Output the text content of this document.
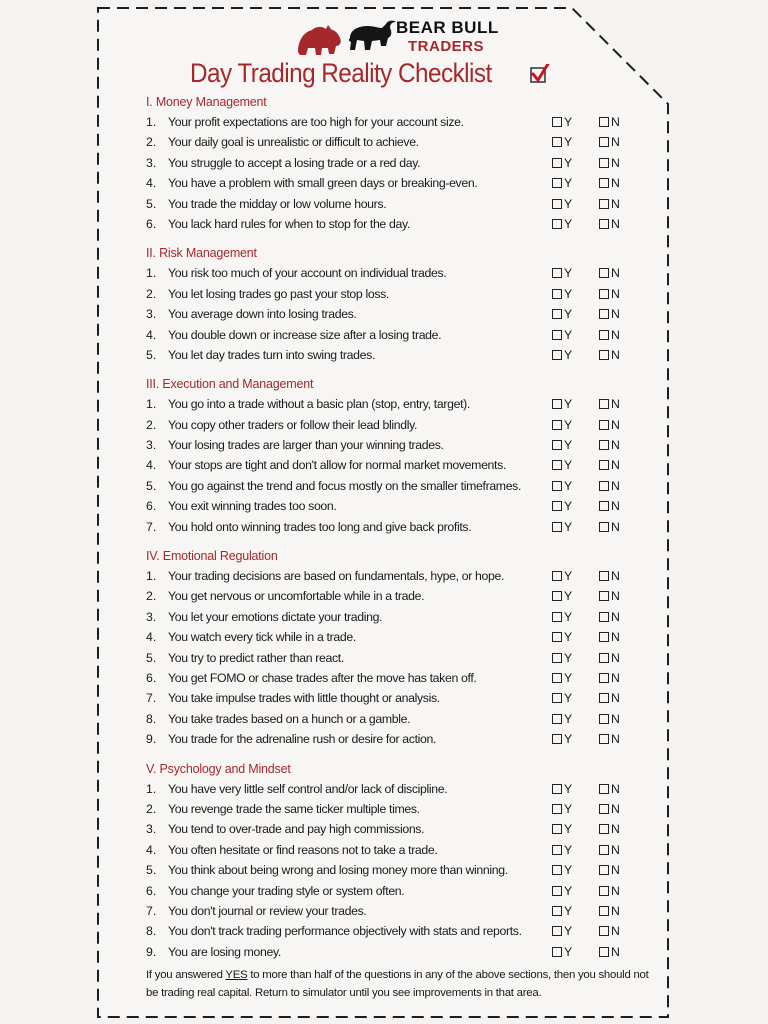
BEAR BULL
TRADERS
Day Trading Reality Checklist
I. Money Management
1. Your profit expectations are too high for your account size.	Y	N
2. Your daily goal is unrealistic or difficult to achieve.	Y	N
3. You struggle to accept a losing trade or a red day.	Y	N
4. You have a problem with small green days or breaking-even.	Y	N
5. You trade the midday or low volume hours.	Y	N
6. You lack hard rules for when to stop for the day.	Y	N
II. Risk Management
1. You risk too much of your account on individual trades.	Y	N
2. You let losing trades go past your stop loss.	Y	N
3. You average down into losing trades.	Y	N
4. You double down or increase size after a losing trade.	Y	N
5. You let day trades turn into swing trades.	Y	N
III. Execution and Management
1. You go into a trade without a basic plan (stop, entry, target).	Y	N
2. You copy other traders or follow their lead blindly.	Y	N
3. Your losing trades are larger than your winning trades.	Y	N
4. Your stops are tight and don't allow for normal market movements.	Y	N
5. You go against the trend and focus mostly on the smaller timeframes.	Y	N
6. You exit winning trades too soon.	Y	N
7. You hold onto winning trades too long and give back profits.	Y	N
IV. Emotional Regulation
1. Your trading decisions are based on fundamentals, hype, or hope.	Y	N
2. You get nervous or uncomfortable while in a trade.	Y	N
3. You let your emotions dictate your trading.	Y	N
4. You watch every tick while in a trade.	Y	N
5. You try to predict rather than react.	Y	N
6. You get FOMO or chase trades after the move has taken off.	Y	N
7. You take impulse trades with little thought or analysis.	Y	N
8. You take trades based on a hunch or a gamble.	Y	N
9. You trade for the adrenaline rush or desire for action.	Y	N
V. Psychology and Mindset
1. You have very little self control and/or lack of discipline.	Y	N
2. You revenge trade the same ticker multiple times.	Y	N
3. You tend to over-trade and pay high commissions.	Y	N
4. You often hesitate or find reasons not to take a trade.	Y	N
5. You think about being wrong and losing money more than winning.	Y	N
6. You change your trading style or system often.	Y	N
7. You don't journal or review your trades.	Y	N
8. You don't track trading performance objectively with stats and reports.	Y	N
9. You are losing money.	Y	N
If you answered YES to more than half of the questions in any of the above sections, then you should not be trading real capital. Return to simulator until you see improvements in that area.
